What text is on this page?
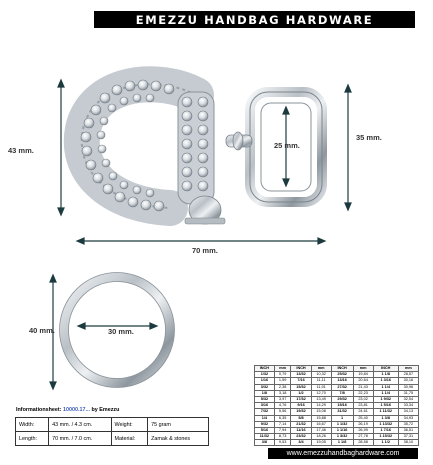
EMEZZU HANDBAG HARDWARE
43 mm.
35 mm.
25 mm.
70 mm.
40 mm.	30 mm.
Informationsheet: 10000.17... by Emezzu
Width:	43 mm. / 4.3 cm.	Weight:	75 gram
Length:	70 mm. / 7.0 cm.	Material:	Zamak & stones
INCH	mm	INCH	mm	INCH	mm	INCH	mm
1/32	0,79	13/32	10,32	25/32	19,84	1 1/8	28,57
1/16	1,59	7/16	11,11	13/16	20,64	1 3/16	30,16
3/32	2,38	15/32	11,91	27/32	21,43	1 1/4	30,96
1/8	3,18	1/2	12,70	7/8	22,23	1 1/4	31,75
5/32	3,97	17/32	13,49	29/32	23,02	1 9/32	32,54
3/16	4,76	9/16	14,29	15/16	23,81	1 5/16	33,34
7/32	5,56	19/32	15,08	31/32	24,61	1 11/32	34,13
1/4	6,35	5/8	15,88	1	25,40	1 3/8	34,93
9/32	7,14	21/32	16,67	1 1/32	26,19	1 13/32	35,72
5/16	7,94	11/16	17,46	1 1/16	26,99	1 7/16	36,51
11/32	8,73	23/32	18,26	1 3/32	27,78	1 15/32	37,31
3/8	9,53	3/4	19,05	1 1/8	28,58	1 1/2	38,10
www.emezzuhandbaghardware.com
